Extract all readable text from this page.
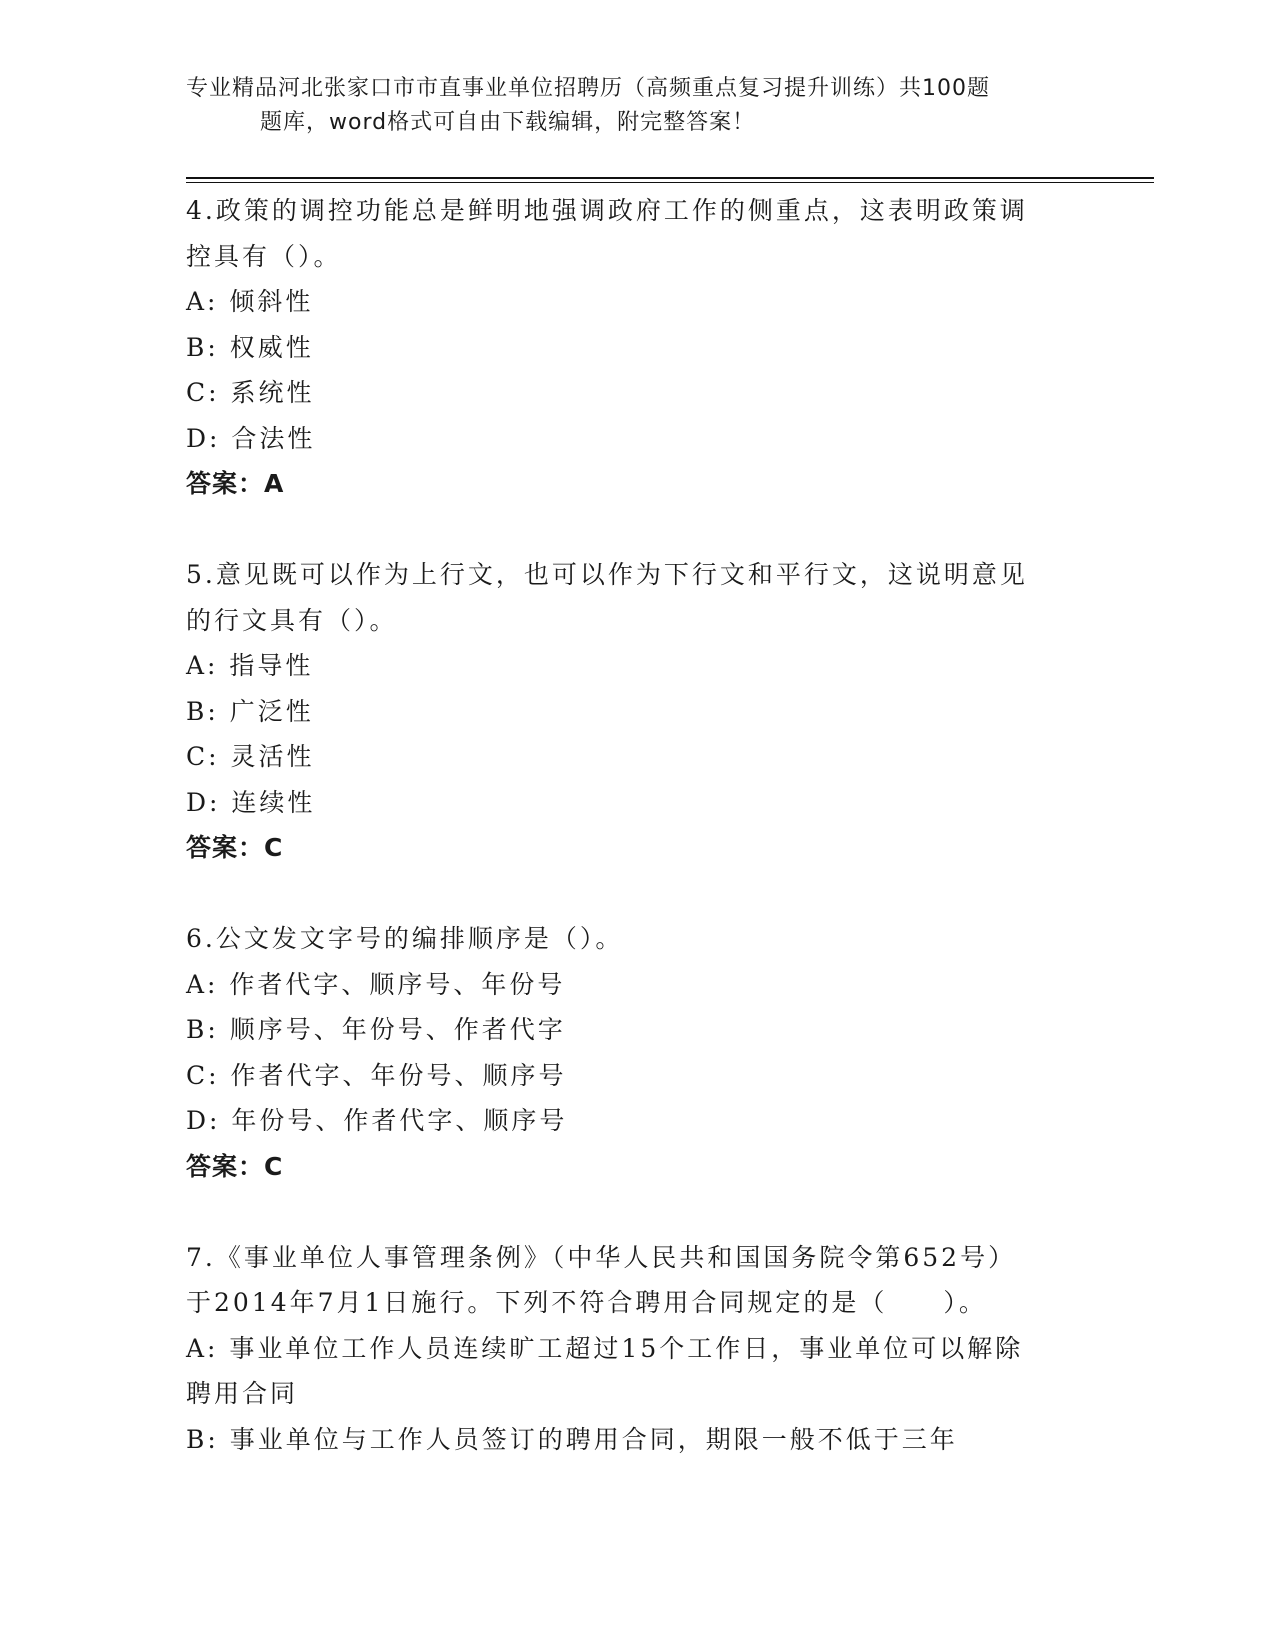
专业精品河北张家口市市直事业单位招聘历（高频重点复习提升训练）共100题
题库，word格式可自由下载编辑，附完整答案！
4.政策的调控功能总是鲜明地强调政府工作的侧重点，这表明政策调
控具有（）。
A: 倾斜性
B: 权威性
C: 系统性
D: 合法性
答案：A
5.意见既可以作为上行文，也可以作为下行文和平行文，这说明意见
的行文具有（）。
A: 指导性
B: 广泛性
C: 灵活性
D: 连续性
答案：C
6.公文发文字号的编排顺序是（）。
A: 作者代字、顺序号、年份号
B: 顺序号、年份号、作者代字
C: 作者代字、年份号、顺序号
D: 年份号、作者代字、顺序号
答案：C
7.《事业单位人事管理条例》（中华人民共和国国务院令第652号）
于2014年7月1日施行。下列不符合聘用合同规定的是（　　）。
A: 事业单位工作人员连续旷工超过15个工作日，事业单位可以解除
聘用合同
B: 事业单位与工作人员签订的聘用合同，期限一般不低于三年
